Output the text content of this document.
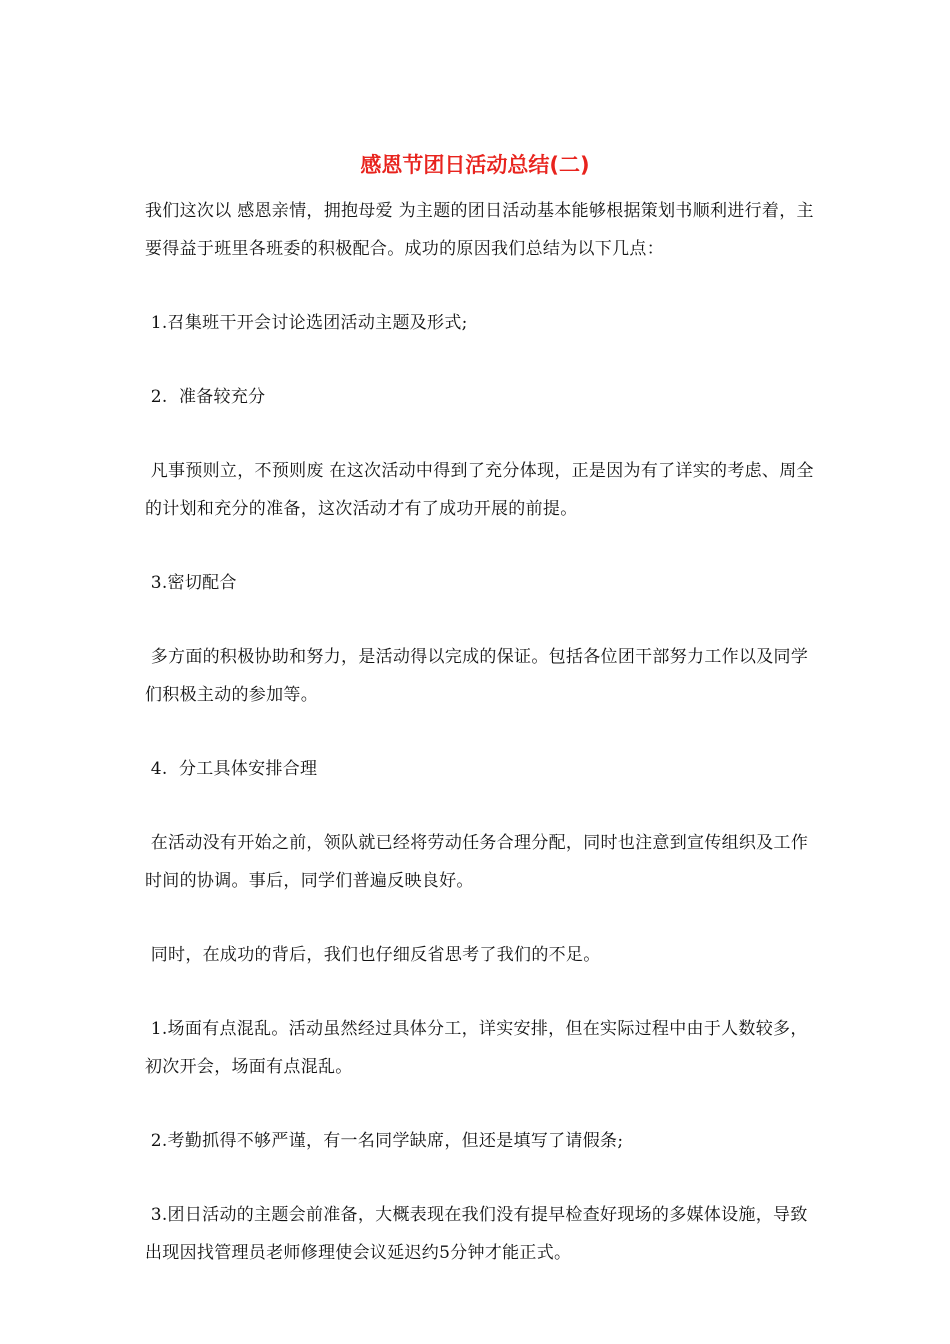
感恩节团日活动总结(二)

我们这次以 感恩亲情，拥抱母爱 为主题的团日活动基本能够根据策划书顺利进行着，主要得益于班里各班委的积极配合。成功的原因我们总结为以下几点：

1.召集班干开会讨论选团活动主题及形式;

2.  准备较充分

凡事预则立，不预则废 在这次活动中得到了充分体现，正是因为有了详实的考虑、周全的计划和充分的准备，这次活动才有了成功开展的前提。

3.密切配合

多方面的积极协助和努力，是活动得以完成的保证。包括各位团干部努力工作以及同学们积极主动的参加等。

4.  分工具体安排合理

在活动没有开始之前，领队就已经将劳动任务合理分配，同时也注意到宣传组织及工作时间的协调。事后，同学们普遍反映良好。

同时，在成功的背后，我们也仔细反省思考了我们的不足。

1.场面有点混乱。活动虽然经过具体分工，详实安排，但在实际过程中由于人数较多，初次开会，场面有点混乱。

2.考勤抓得不够严谨，有一名同学缺席，但还是填写了请假条;

3.团日活动的主题会前准备，大概表现在我们没有提早检查好现场的多媒体设施，导致出现因找管理员老师修理使会议延迟约5分钟才能正式。
